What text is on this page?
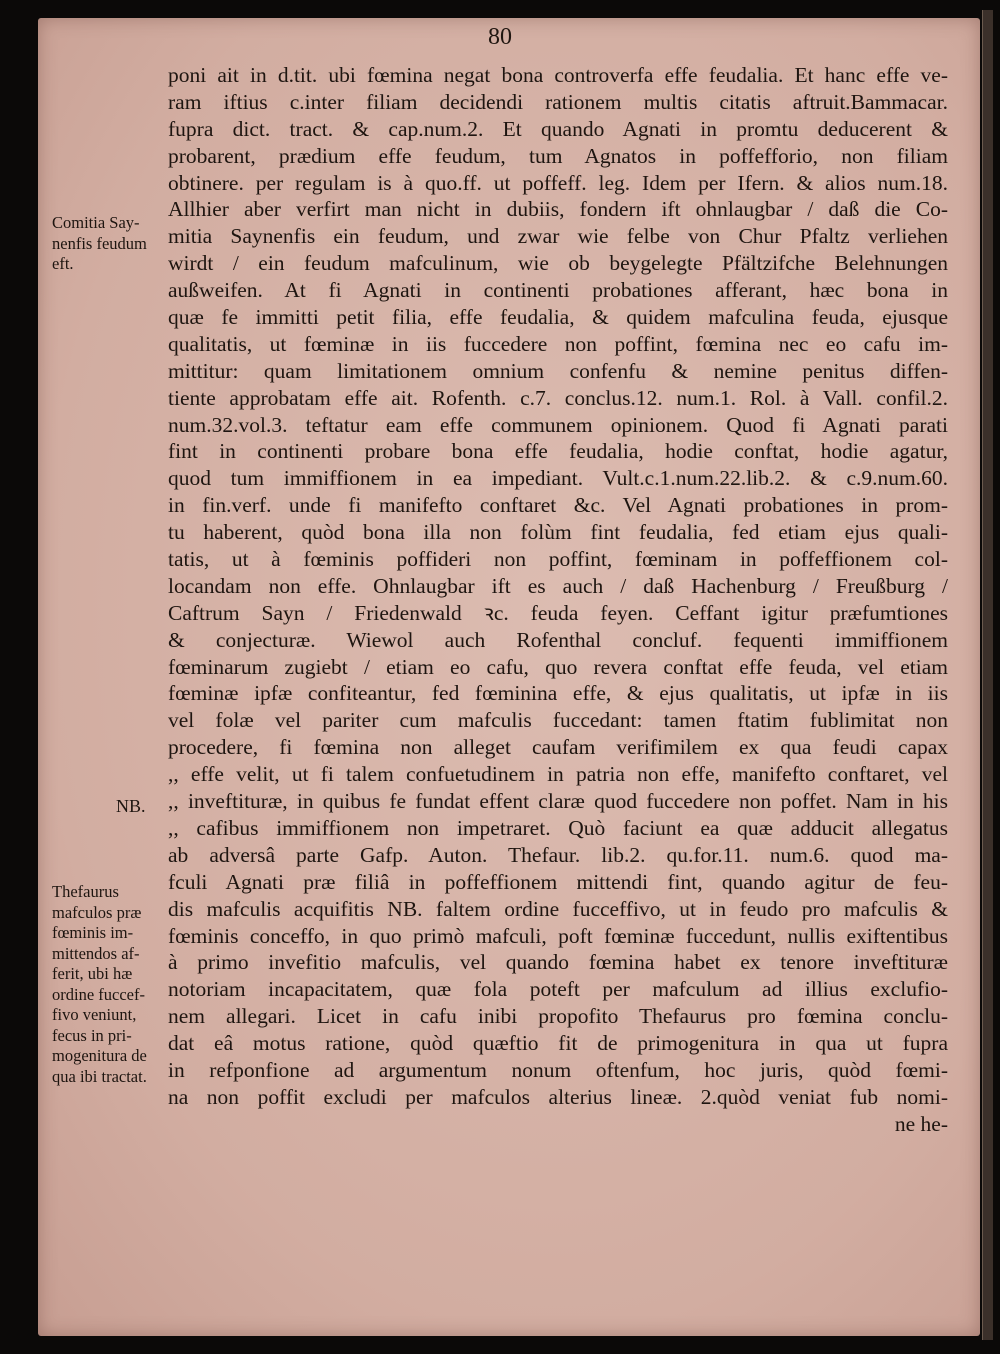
80
Comitia Say-
nenfis feudum
eft.
NB.
Thefaurus
mafculos præ
fœminis im-
mittendos af-
ferit, ubi hæ
ordine fuccef-
fivo veniunt,
fecus in pri-
mogenitura de
qua ibi tractat.
poni ait in d.tit. ubi fœmina negat bona controverfa effe feudalia. Et hanc effe ve-
ram iftius c.inter filiam decidendi rationem multis citatis aftruit.Bammacar.
fupra dict. tract. & cap.num.2. Et quando Agnati in promtu deducerent &
probarent, prædium effe feudum, tum Agnatos in poffefforio, non filiam
obtinere. per regulam is à quo.ff. ut poffeff. leg. Idem per Ifern. & alios num.18.
Allhier aber verfirt man nicht in dubiis, fondern ift ohnlaugbar / daß die Co-
mitia Saynenfis ein feudum, und zwar wie felbe von Chur Pfaltz verliehen
wirdt / ein feudum mafculinum, wie ob beygelegte Pfältzifche Belehnungen
außweifen. At fi Agnati in continenti probationes afferant, hæc bona in
quæ fe immitti petit filia, effe feudalia, & quidem mafculina feuda, ejusque
qualitatis, ut fœminæ in iis fuccedere non poffint, fœmina nec eo cafu im-
mittitur: quam limitationem omnium confenfu & nemine penitus diffen-
tiente approbatam effe ait. Rofenth. c.7. conclus.12. num.1. Rol. à Vall. confil.2.
num.32.vol.3. teftatur eam effe communem opinionem. Quod fi Agnati parati
fint in continenti probare bona effe feudalia, hodie conftat, hodie agatur,
quod tum immiffionem in ea impediant. Vult.c.1.num.22.lib.2. & c.9.num.60.
in fin.verf. unde fi manifefto conftaret &c. Vel Agnati probationes in prom-
tu haberent, quòd bona illa non folùm fint feudalia, fed etiam ejus quali-
tatis, ut à fœminis poffideri non poffint, fœminam in poffeffionem col-
locandam non effe. Ohnlaugbar ift es auch / daß Hachenburg / Freußburg /
Caftrum Sayn / Friedenwald ꝛc. feuda feyen. Ceffant igitur præfumtiones
& conjecturæ. Wiewol auch Rofenthal concluf. fequenti immiffionem
fœminarum zugiebt / etiam eo cafu, quo revera conftat effe feuda, vel etiam
fœminæ ipfæ confiteantur, fed fœminina effe, & ejus qualitatis, ut ipfæ in iis
vel folæ vel pariter cum mafculis fuccedant: tamen ftatim fublimitat non
procedere, fi fœmina non alleget caufam verifimilem ex qua feudi capax
,, effe velit, ut fi talem confuetudinem in patria non effe, manifefto conftaret, vel
,, inveftituræ, in quibus fe fundat effent claræ quod fuccedere non poffet. Nam in his
,, cafibus immiffionem non impetraret. Quò faciunt ea quæ adducit allegatus
ab adversâ parte Gafp. Auton. Thefaur. lib.2. qu.for.11. num.6. quod ma-
fculi Agnati præ filiâ in poffeffionem mittendi fint, quando agitur de feu-
dis mafculis acquifitis NB. faltem ordine fucceffivo, ut in feudo pro mafculis &
fœminis conceffo, in quo primò mafculi, poft fœminæ fuccedunt, nullis exiftentibus
à primo invefitio mafculis, vel quando fœmina habet ex tenore inveftituræ
notoriam incapacitatem, quæ fola poteft per mafculum ad illius exclufio-
nem allegari. Licet in cafu inibi propofito Thefaurus pro fœmina conclu-
dat eâ motus ratione, quòd quæftio fit de primogenitura in qua ut fupra
in refponfione ad argumentum nonum oftenfum, hoc juris, quòd fœmi-
na non poffit excludi per mafculos alterius lineæ. 2.quòd veniat fub nomi-
ne he-
